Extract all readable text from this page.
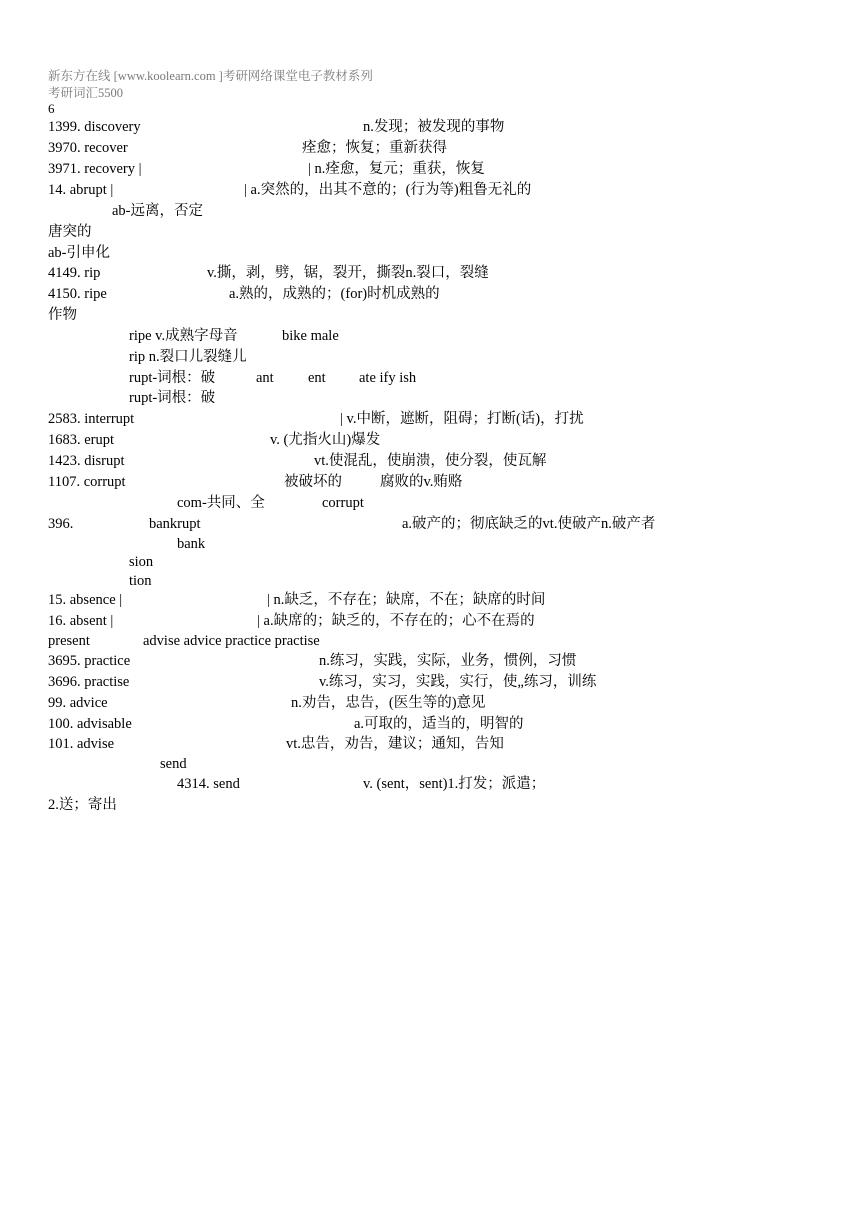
新东方在线 [www.koolearn.com ]考研网络课堂电子教材系列
考研词汇5500
6
1399. discovery	n.发现；被发现的事物
3970. recover	痊愈；恢复；重新获得
3971. recovery |	| n.痊愈，复元；重获，恢复
14. abrupt |	| a.突然的，出其不意的；(行为等)粗鲁无礼的
ab-远离，否定
唐突的
ab-引申化
4149. rip	v.撕，剥，劈，锯，裂开，撕裂n.裂口，裂缝
4150. ripe	a.熟的，成熟的；(for)时机成熟的
作物
ripe v.成熟字母音	bike male
rip n.裂口儿裂缝儿
rupt-词根：破	ant ent ate ify ish
rupt-词根：破
2583. interrupt	| v.中断，遮断，阻碍；打断(话)，打扰
1683. erupt	v. (尤指火山)爆发
1423. disrupt	vt.使混乱，使崩溃，使分裂，使瓦解
1107. corrupt	被破坏的	腐败的v.贿赂
com-共同、全	corrupt
396.	bankrupt	a.破产的；彻底缺乏的vt.使破产n.破产者
bank
sion
tion
15. absence |	| n.缺乏，不存在；缺席，不在；缺席的时间
16. absent |	| a.缺席的；缺乏的，不存在的；心不在焉的
present	advise advice practice practise
3695. practice	n.练习，实践，实际，业务，惯例，习惯
3696. practise	v.练习，实习，实践，实行，使„练习，训练
99. advice	n.劝告，忠告，(医生等的)意见
100. advisable	a.可取的，适当的，明智的
101. advise	vt.忠告，劝告，建议；通知，告知
send
4314. send	v. (sent，sent)1.打发；派遣；
2.送；寄出
